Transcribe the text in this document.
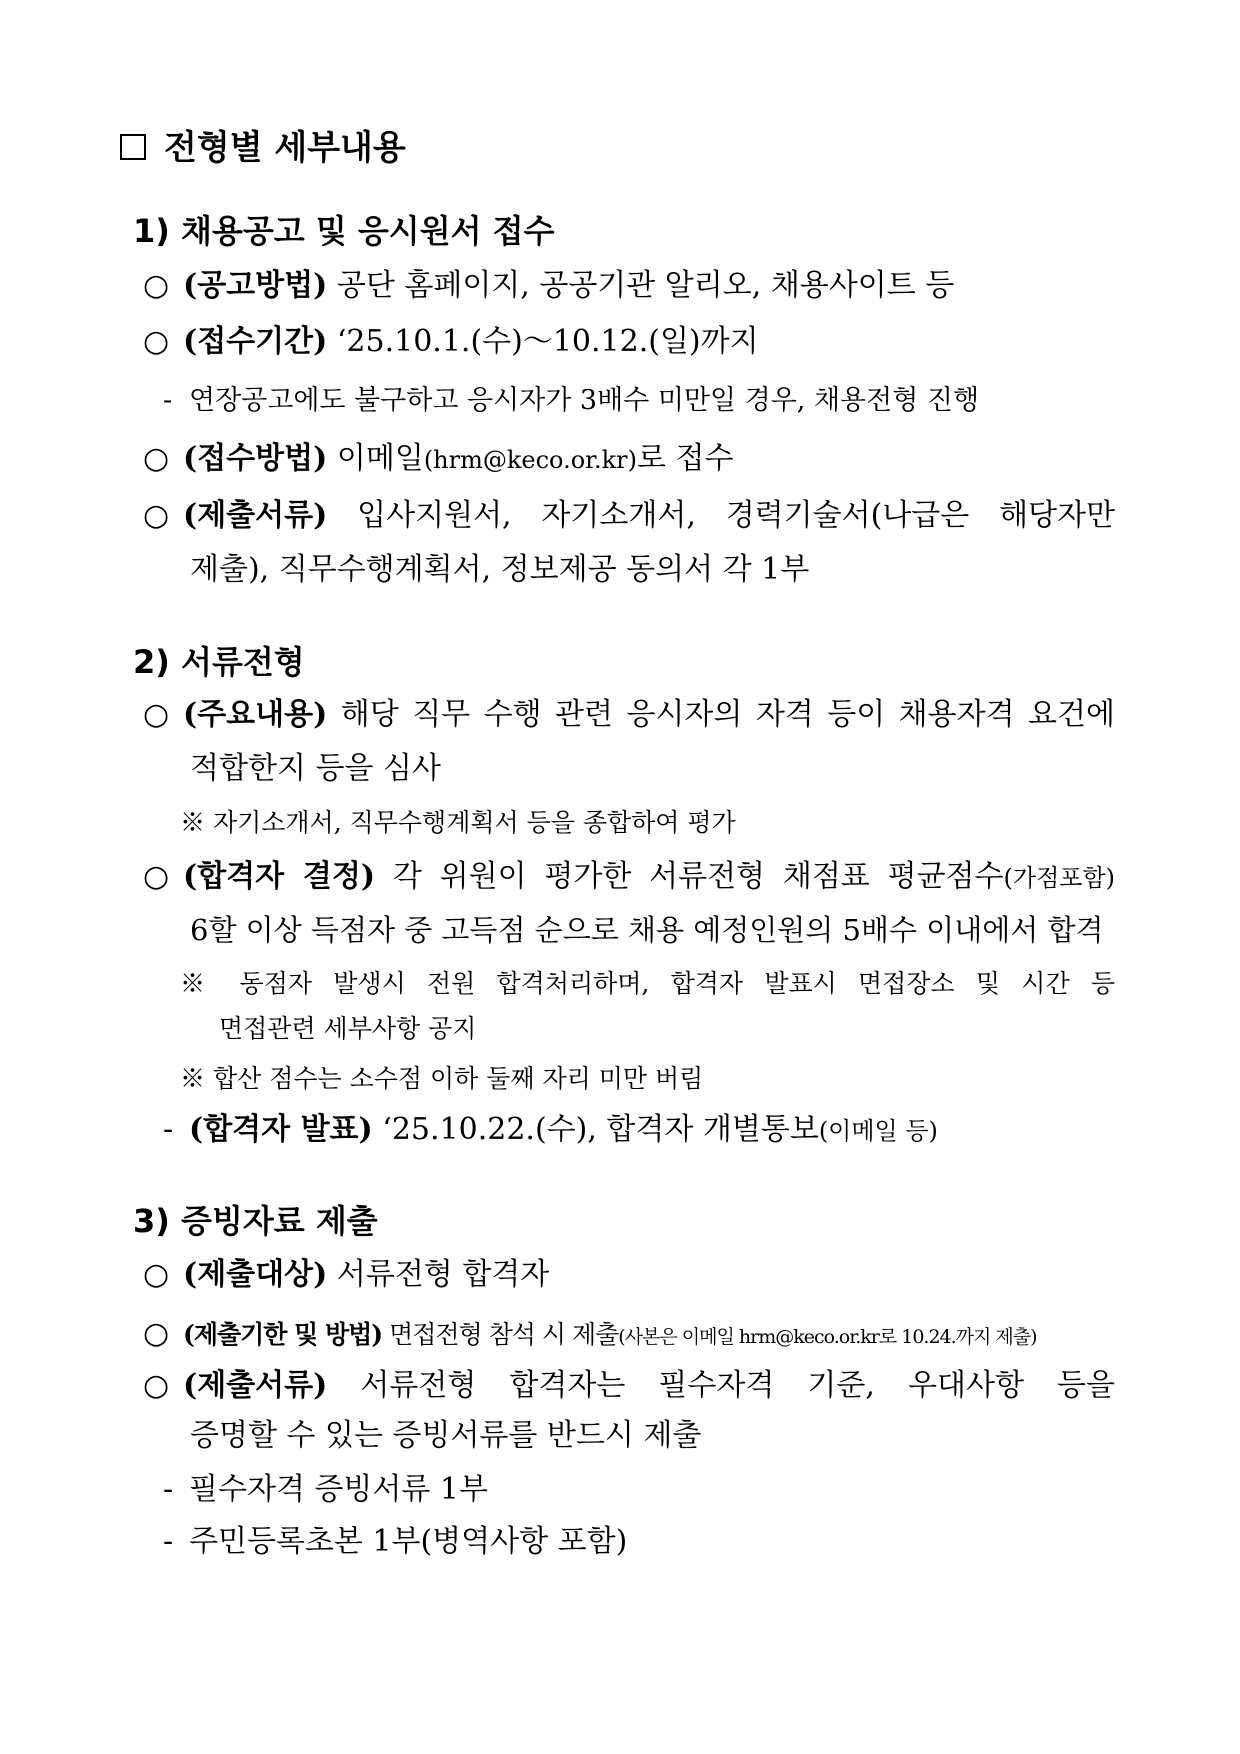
전형별 세부내용
1) 채용공고 및 응시원서 접수
○ (공고방법) 공단 홈페이지, 공공기관 알리오, 채용사이트 등
○ (접수기간) ‘25.10.1.(수)～10.12.(일)까지
- 연장공고에도 불구하고 응시자가 3배수 미만일 경우, 채용전형 진행
○ (접수방법) 이메일(hrm@keco.or.kr)로 접수
○ (제출서류) 입사지원서, 자기소개서, 경력기술서(나급은 해당자만
제출), 직무수행계획서, 정보제공 동의서 각 1부
2) 서류전형
○ (주요내용) 해당 직무 수행 관련 응시자의 자격 등이 채용자격 요건에
적합한지 등을 심사
※ 자기소개서, 직무수행계획서 등을 종합하여 평가
○ (합격자 결정) 각 위원이 평가한 서류전형 채점표 평균점수(가점포함)
6할 이상 득점자 중 고득점 순으로 채용 예정인원의 5배수 이내에서 합격
※ 동점자 발생시 전원 합격처리하며, 합격자 발표시 면접장소 및 시간 등
면접관련 세부사항 공지
※ 합산 점수는 소수점 이하 둘째 자리 미만 버림
- (합격자 발표) ‘25.10.22.(수), 합격자 개별통보(이메일 등)
3) 증빙자료 제출
○ (제출대상) 서류전형 합격자
○ (제출기한 및 방법) 면접전형 참석 시 제출(사본은 이메일 hrm@keco.or.kr로 10.24.까지 제출)
○ (제출서류) 서류전형 합격자는 필수자격 기준, 우대사항 등을
증명할 수 있는 증빙서류를 반드시 제출
- 필수자격 증빙서류 1부
- 주민등록초본 1부(병역사항 포함)
